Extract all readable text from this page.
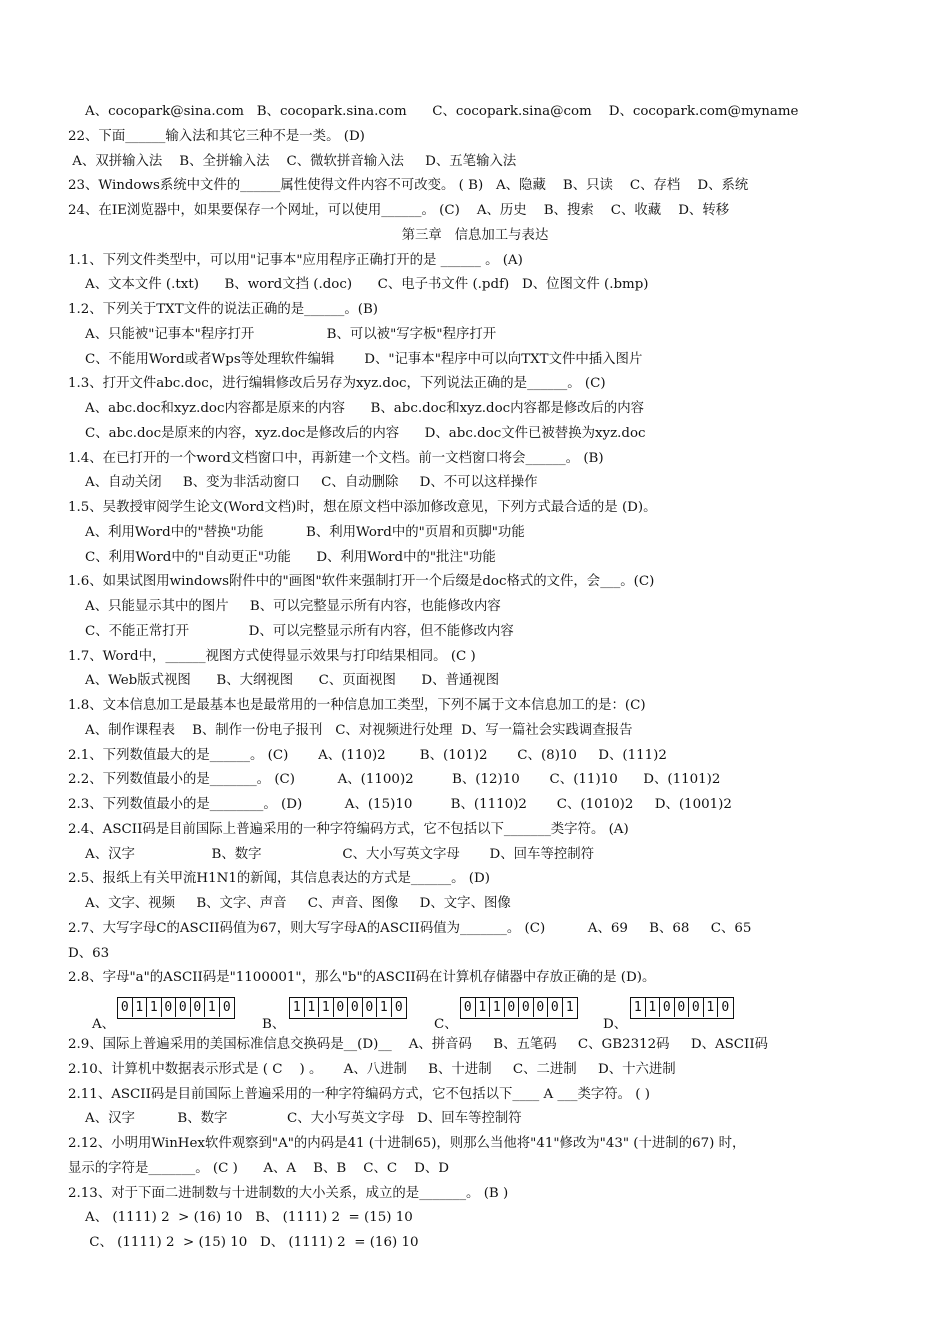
A、cocopark@sina.com   B、cocopark.sina.com      C、cocopark.sina@com    D、cocopark.com@myname
22、下面______输入法和其它三种不是一类。 (D)
A、双拼输入法    B、全拼输入法    C、微软拼音输入法     D、五笔输入法
23、Windows系统中文件的______属性使得文件内容不可改变。 ( B)   A、隐藏    B、只读    C、存档    D、系统
24、在IE浏览器中，如果要保存一个网址，可以使用______。 (C)    A、历史    B、搜索    C、收藏    D、转移
第三章   信息加工与表达
1.1、下列文件类型中，可以用"记事本"应用程序正确打开的是 ______ 。 (A)
A、文本文件 (.txt)      B、word文挡 (.doc)      C、电子书文件 (.pdf)   D、位图文件 (.bmp)
1.2、下列关于TXT文件的说法正确的是______。(B)
A、只能被"记事本"程序打开                 B、可以被"写字板"程序打开
C、不能用Word或者Wps等处理软件编辑       D、"记事本"程序中可以向TXT文件中插入图片
1.3、打开文件abc.doc，进行编辑修改后另存为xyz.doc，下列说法正确的是______。 (C)
A、abc.doc和xyz.doc内容都是原来的内容      B、abc.doc和xyz.doc内容都是修改后的内容
C、abc.doc是原来的内容，xyz.doc是修改后的内容      D、abc.doc文件已被替换为xyz.doc
1.4、在已打开的一个word文档窗口中，再新建一个文档。前一文档窗口将会______。 (B)
A、自动关闭     B、变为非活动窗口     C、自动删除     D、不可以这样操作
1.5、吴教授审阅学生论文(Word文档)时，想在原文档中添加修改意见，下列方式最合适的是 (D)。
A、利用Word中的"替换"功能          B、利用Word中的"页眉和页脚"功能
C、利用Word中的"自动更正"功能      D、利用Word中的"批注"功能
1.6、如果试图用windows附件中的"画图"软件来强制打开一个后缀是doc格式的文件，会___。(C)
A、只能显示其中的图片     B、可以完整显示所有内容，也能修改内容
C、不能正常打开              D、可以完整显示所有内容，但不能修改内容
1.7、Word中，______视图方式使得显示效果与打印结果相同。 (C )
A、Web版式视图      B、大纲视图      C、页面视图      D、普通视图
1.8、文本信息加工是最基本也是最常用的一种信息加工类型，下列不属于文本信息加工的是：(C)
A、制作课程表    B、制作一份电子报刊   C、对视频进行处理  D、写一篇社会实践调查报告
2.1、下列数值最大的是______。 (C)       A、(110)2        B、(101)2       C、(8)10     D、(111)2
2.2、下列数值最小的是_______。 (C)          A、(1100)2         B、(12)10       C、(11)10      D、(1101)2
2.3、下列数值最小的是________。 (D)          A、(15)10         B、(1110)2       C、(1010)2     D、(1001)2
2.4、ASCII码是目前国际上普遍采用的一种字符编码方式，它不包括以下_______类字符。 (A)
A、汉字                  B、数字                   C、大小写英文字母       D、回车等控制符
2.5、报纸上有关甲流H1N1的新闻，其信息表达的方式是______。 (D)
A、文字、视频     B、文字、声音     C、声音、图像     D、文字、图像
2.7、大写字母C的ASCII码值为67，则大写字母A的ASCII码值为_______。 (C)          A、69     B、68     C、65
D、63
2.8、字母"a"的ASCII码是"1100001"，那么"b"的ASCII码在计算机存储器中存放正确的是 (D)。
2.9、国际上普遍采用的美国标准信息交换码是__(D)__    A、拼音码     B、五笔码     C、GB2312码     D、ASCII码
2.10、计算机中数据表示形式是 ( C    ) 。     A、八进制     B、十进制     C、二进制     D、十六进制
2.11、ASCII码是目前国际上普遍采用的一种字符编码方式，它不包括以下____ A ___类字符。 ( )
A、汉字          B、数字              C、大小写英文字母   D、回车等控制符
2.12、小明用WinHex软件观察到"A"的内码是41 (十进制65)，则那么当他将"41"修改为"43" (十进制的67) 时，
显示的字符是_______。 (C )      A、A    B、B    C、C    D、D
2.13、对于下面二进制数与十进制数的大小关系，成立的是_______。 (B )
A、 (1111) 2  > (16) 10   B、 (1111) 2  = (15) 10
C、 (1111) 2  > (15) 10   D、 (1111) 2  = (16) 10
A、
0 1 1 0 0 0 1 0
B、
1 1 1 0 0 0 1 0
C、
0 1 1 0 0 0 0 1
D、
1 1 0 0 0 1 0
